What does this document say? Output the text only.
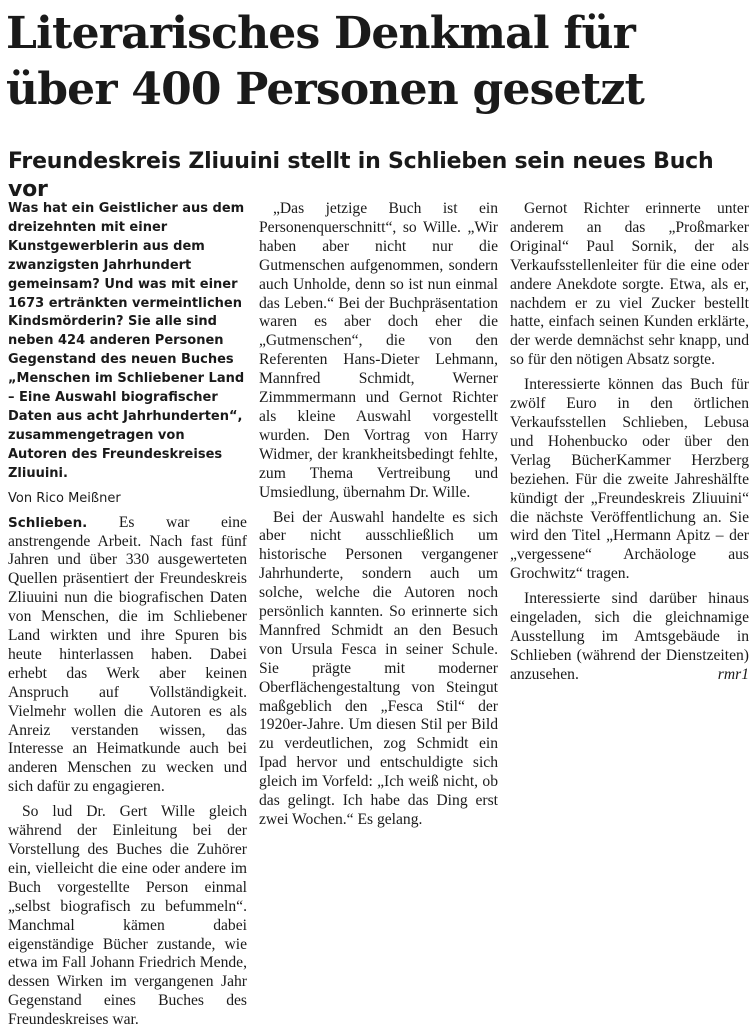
Literarisches Denkmal für
über 400 Personen gesetzt
Freundeskreis Zliuuini stellt in Schlieben sein neues Buch vor

Was hat ein Geistlicher aus dem dreizehnten mit einer Kunstgewerblerin aus dem zwanzigsten Jahrhundert gemeinsam? Und was mit einer 1673 ertränkten vermeintlichen Kindsmörderin? Sie alle sind neben 424 anderen Personen Gegenstand des neuen Buches „Menschen im Schliebener Land – Eine Auswahl biografischer Daten aus acht Jahrhunderten“, zusammengetragen von Autoren des Freundeskreises Zliuuini.

Von Rico Meißner

Schlieben. Es war eine anstrengende Arbeit. Nach fast fünf Jahren und über 330 ausgewerteten Quellen präsentiert der Freundeskreis Zliuuini nun die biografischen Daten von Menschen, die im Schliebener Land wirkten und ihre Spuren bis heute hinterlassen haben. Dabei erhebt das Werk aber keinen Anspruch auf Vollständigkeit. Vielmehr wollen die Autoren es als Anreiz verstanden wissen, das Interesse an Heimatkunde auch bei anderen Menschen zu wecken und sich dafür zu engagieren.

So lud Dr. Gert Wille gleich während der Einleitung bei der Vorstellung des Buches die Zuhörer ein, vielleicht die eine oder andere im Buch vorgestellte Person einmal „selbst biografisch zu befummeln“. Manchmal kämen dabei eigenständige Bücher zustande, wie etwa im Fall Johann Friedrich Mende, dessen Wirken im vergangenen Jahr Gegenstand eines Buches des Freundeskreises war.

„Das jetzige Buch ist ein Personenquerschnitt“, so Wille. „Wir haben aber nicht nur die Gutmenschen aufgenommen, sondern auch Unholde, denn so ist nun einmal das Leben.“ Bei der Buchpräsentation waren es aber doch eher die „Gutmenschen“, die von den Referenten Hans-Dieter Lehmann, Mannfred Schmidt, Werner Zimmmermann und Gernot Richter als kleine Auswahl vorgestellt wurden. Den Vortrag von Harry Widmer, der krankheitsbedingt fehlte, zum Thema Vertreibung und Umsiedlung, übernahm Dr. Wille.

Bei der Auswahl handelte es sich aber nicht ausschließlich um historische Personen vergangener Jahrhunderte, sondern auch um solche, welche die Autoren noch persönlich kannten. So erinnerte sich Mannfred Schmidt an den Besuch von Ursula Fesca in seiner Schule. Sie prägte mit moderner Oberflächengestaltung von Steingut maßgeblich den „Fesca Stil“ der 1920er-Jahre. Um diesen Stil per Bild zu verdeutlichen, zog Schmidt ein Ipad hervor und entschuldigte sich gleich im Vorfeld: „Ich weiß nicht, ob das gelingt. Ich habe das Ding erst zwei Wochen.“ Es gelang.

Gernot Richter erinnerte unter anderem an das „Proßmarker Original“ Paul Sornik, der als Verkaufsstellenleiter für die eine oder andere Anekdote sorgte. Etwa, als er, nachdem er zu viel Zucker bestellt hatte, einfach seinen Kunden erklärte, der werde demnächst sehr knapp, und so für den nötigen Absatz sorgte.

Interessierte können das Buch für zwölf Euro in den örtlichen Verkaufsstellen Schlieben, Lebusa und Hohenbucko oder über den Verlag BücherKammer Herzberg beziehen. Für die zweite Jahreshälfte kündigt der „Freundeskreis Zliuuini“ die nächste Veröffentlichung an. Sie wird den Titel „Hermann Apitz – der „vergessene“ Archäologe aus Grochwitz“ tragen.

Interessierte sind darüber hinaus eingeladen, sich die gleichnamige Ausstellung im Amtsgebäude in Schlieben (während der Dienstzeiten) anzusehen.	rmr1
